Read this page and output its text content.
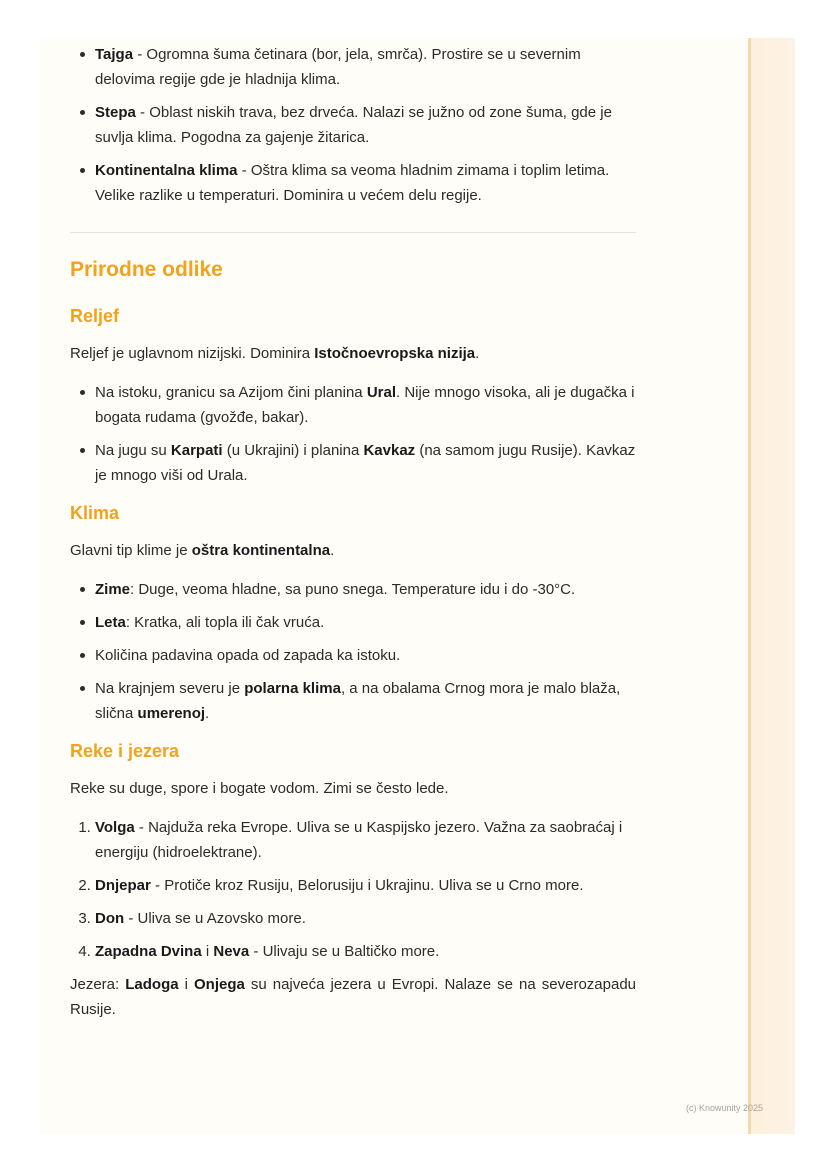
Tajga - Ogromna šuma četinara (bor, jela, smrča). Prostire se u severnim delovima regije gde je hladnija klima.
Stepa - Oblast niskih trava, bez drveća. Nalazi se južno od zone šuma, gde je suvlja klima. Pogodna za gajenje žitarica.
Kontinentalna klima - Oštra klima sa veoma hladnim zimama i toplim letima. Velike razlike u temperaturi. Dominira u većem delu regije.
Prirodne odlike
Reljef

Reljef je uglavnom nizijski. Dominira Istočnoevropska nizija.

Na istoku, granicu sa Azijom čini planina Ural. Nije mnogo visoka, ali je dugačka i bogata rudama (gvožđe, bakar).
Na jugu su Karpati (u Ukrajini) i planina Kavkaz (na samom jugu Rusije). Kavkaz je mnogo viši od Urala.
Klima

Glavni tip klime je oštra kontinentalna.

Zime: Duge, veoma hladne, sa puno snega. Temperature idu i do -30°C.
Leta: Kratka, ali topla ili čak vruća.
Količina padavina opada od zapada ka istoku.
Na krajnjem severu je polarna klima, a na obalama Crnog mora je malo blaža, slična umerenoj.
Reke i jezera

Reke su duge, spore i bogate vodom. Zimi se često lede.

1. Volga - Najduža reka Evrope. Uliva se u Kaspijsko jezero. Važna za saobraćaj i energiju (hidroelektrane).
2. Dnjepar - Protiče kroz Rusiju, Belorusiju i Ukrajinu. Uliva se u Crno more.
3. Don - Uliva se u Azovsko more.
4. Zapadna Dvina i Neva - Ulivaju se u Baltičko more.

Jezera: Ladoga i Onjega su najveća jezera u Evropi. Nalaze se na severozapadu Rusije.

(c) Knowunity 2025
